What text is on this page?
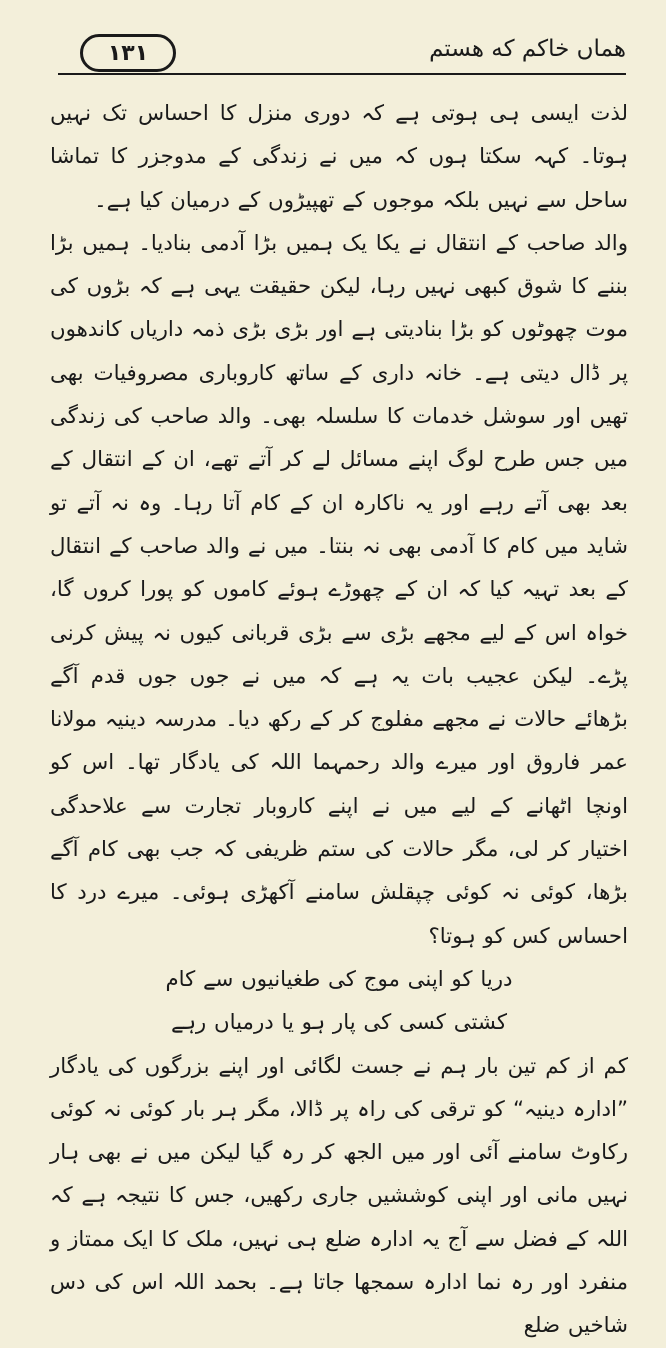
١٣١	هماں خاکم که هستم

لذت ایسی ہی ہوتی ہے کہ دوری منزل کا احساس تک نہیں ہوتا۔ کہہ سکتا ہوں کہ میں نے زندگی کے مدوجزر کا تماشا ساحل سے نہیں بلکہ موجوں کے تھپیڑوں کے درمیان کیا ہے۔

والد صاحب کے انتقال نے یکا یک ہمیں بڑا آدمی بنادیا۔ ہمیں بڑا بننے کا شوق کبھی نہیں رہا، لیکن حقیقت یہی ہے کہ بڑوں کی موت چھوٹوں کو بڑا بنادیتی ہے اور بڑی بڑی ذمہ داریاں کاندھوں پر ڈال دیتی ہے۔ خانہ داری کے ساتھ کاروباری مصروفیات بھی تھیں اور سوشل خدمات کا سلسلہ بھی۔ والد صاحب کی زندگی میں جس طرح لوگ اپنے مسائل لے کر آتے تھے، ان کے انتقال کے بعد بھی آتے رہے اور یہ ناکارہ ان کے کام آتا رہا۔ وہ نہ آتے تو شاید میں کام کا آدمی بھی نہ بنتا۔ میں نے والد صاحب کے انتقال کے بعد تہیہ کیا کہ ان کے چھوڑے ہوئے کاموں کو پورا کروں گا، خواہ اس کے لیے مجھے بڑی سے بڑی قربانی کیوں نہ پیش کرنی پڑے۔ لیکن عجیب بات یہ ہے کہ میں نے جوں جوں قدم آگے بڑھائے حالات نے مجھے مفلوج کر کے رکھ دیا۔ مدرسہ دینیہ مولانا عمر فاروق اور میرے والد رحمہما اللہ کی یادگار تھا۔ اس کو اونچا اٹھانے کے لیے میں نے اپنے کاروبار تجارت سے علاحدگی اختیار کر لی، مگر حالات کی ستم ظریفی کہ جب بھی کام آگے بڑھا، کوئی نہ کوئی چپقلش سامنے آکھڑی ہوئی۔ میرے درد کا احساس کس کو ہوتا؟

دریا کو اپنی موج کی طغیانیوں سے کام
کشتی کسی کی پار ہو یا درمیاں رہے

کم از کم تین بار ہم نے جست لگائی اور اپنے بزرگوں کی یادگار ”ادارہ دینیہ“ کو ترقی کی راہ پر ڈالا، مگر ہر بار کوئی نہ کوئی رکاوٹ سامنے آئی اور میں الجھ کر رہ گیا لیکن میں نے بھی ہار نہیں مانی اور اپنی کوششیں جاری رکھیں، جس کا نتیجہ ہے کہ اللہ کے فضل سے آج یہ ادارہ ضلع ہی نہیں، ملک کا ایک ممتاز و منفرد اور رہ نما ادارہ سمجھا جاتا ہے۔ بحمد اللہ اس کی دس شاخیں ضلع
